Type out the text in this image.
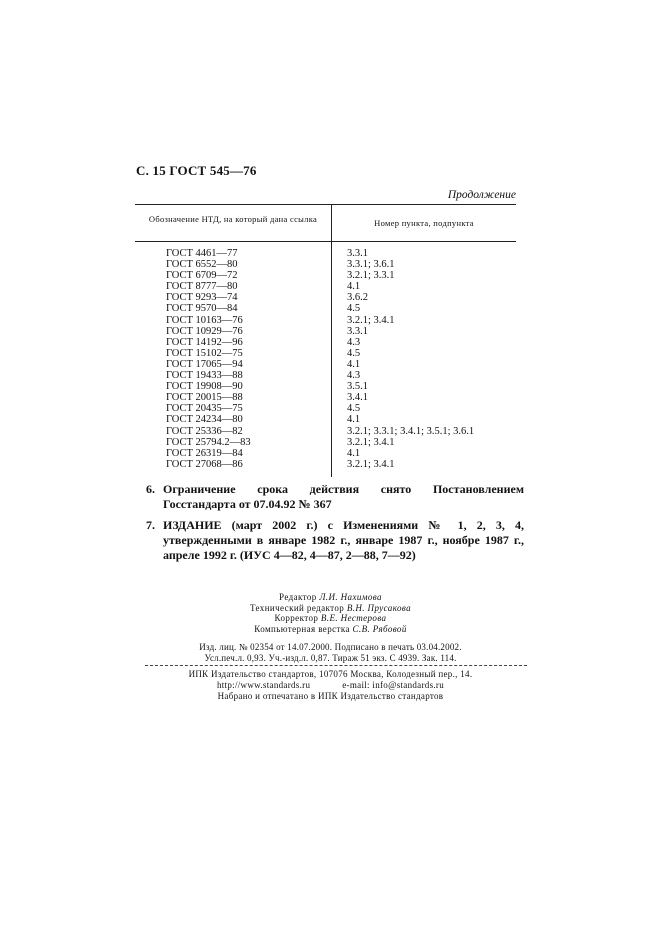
С. 15 ГОСТ 545—76
Продолжение
Обозначение НТД, на который дана ссылка	Номер пункта, подпункта
ГОСТ 4461—77
ГОСТ 6552—80
ГОСТ 6709—72
ГОСТ 8777—80
ГОСТ 9293—74
ГОСТ 9570—84
ГОСТ 10163—76
ГОСТ 10929—76
ГОСТ 14192—96
ГОСТ 15102—75
ГОСТ 17065—94
ГОСТ 19433—88
ГОСТ 19908—90
ГОСТ 20015—88
ГОСТ 20435—75
ГОСТ 24234—80
ГОСТ 25336—82
ГОСТ 25794.2—83
ГОСТ 26319—84
ГОСТ 27068—86
3.3.1
3.3.1; 3.6.1
3.2.1; 3.3.1
4.1
3.6.2
4.5
3.2.1; 3.4.1
3.3.1
4.3
4.5
4.1
4.3
3.5.1
3.4.1
4.5
4.1
3.2.1; 3.3.1; 3.4.1; 3.5.1; 3.6.1
3.2.1; 3.4.1
4.1
3.2.1; 3.4.1
6. Ограничение срока действия снято Постановлением Госстандарта от 07.04.92 № 367
7. ИЗДАНИЕ (март 2002 г.) с Изменениями № 1, 2, 3, 4, утвержденными в январе 1982 г., январе 1987 г., ноябре 1987 г., апреле 1992 г. (ИУС 4—82, 4—87, 2—88, 7—92)
Редактор Л.И. Нахимова
Технический редактор В.Н. Прусакова
Корректор В.Е. Нестерова
Компьютерная верстка С.В. Рябовой
Изд. лиц. № 02354 от 14.07.2000. Подписано в печать 03.04.2002.
Усл.печ.л. 0,93. Уч.-изд.л. 0,87. Тираж 51 экз. С 4939. Зак. 114.
ИПК Издательство стандартов, 107076 Москва, Колодезный пер., 14.
http://www.standards.ru	e-mail: info@standards.ru
Набрано и отпечатано в ИПК Издательство стандартов
